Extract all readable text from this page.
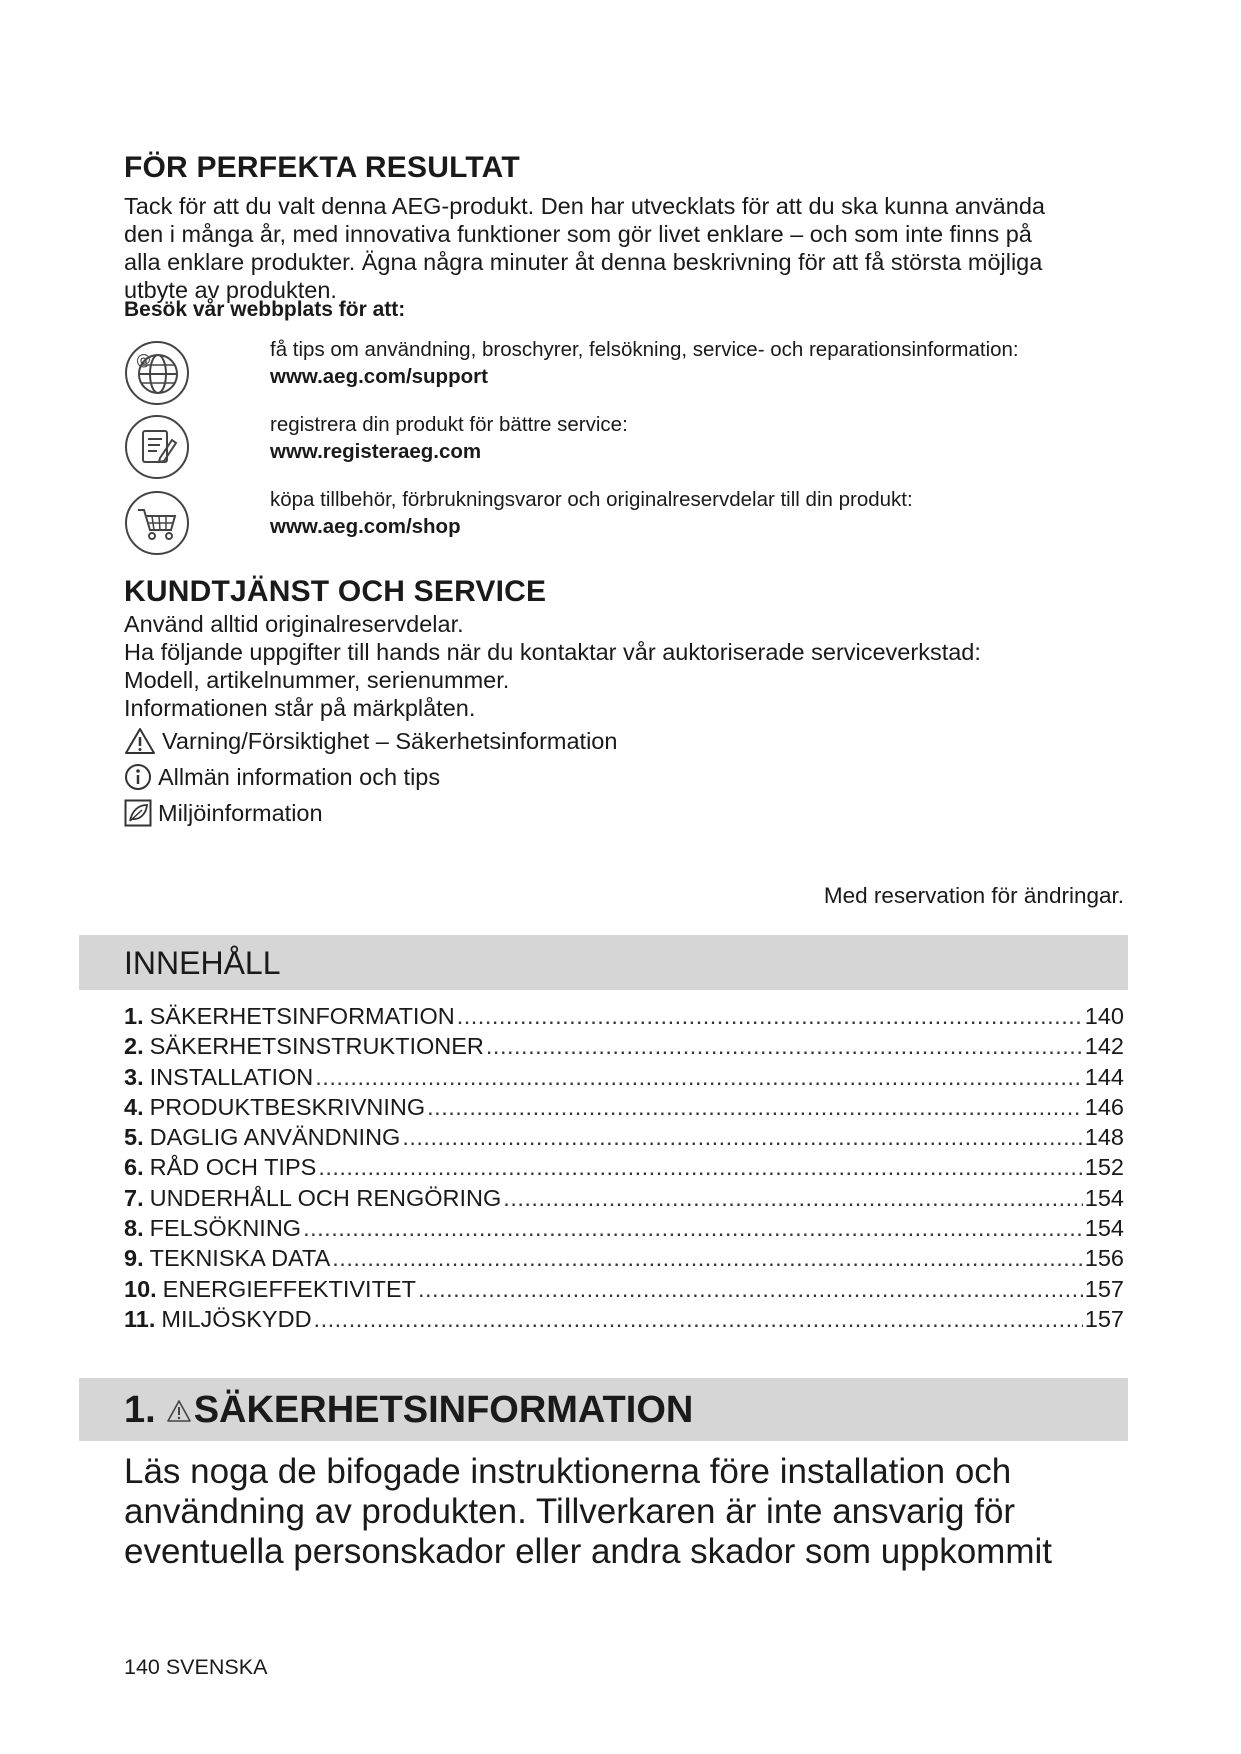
FÖR PERFEKTA RESULTAT
Tack för att du valt denna AEG-produkt. Den har utvecklats för att du ska kunna använda
den i många år, med innovativa funktioner som gör livet enklare – och som inte finns på
alla enklare produkter. Ägna några minuter åt denna beskrivning för att få största möjliga
utbyte av produkten.
Besök vår webbplats för att:
@	få tips om användning, broschyrer, felsökning, service- och reparationsinformation:
www.aeg.com/support
registrera din produkt för bättre service:
www.registeraeg.com
köpa tillbehör, förbrukningsvaror och originalreservdelar till din produkt:
www.aeg.com/shop
KUNDTJÄNST OCH SERVICE
Använd alltid originalreservdelar.
Ha följande uppgifter till hands när du kontaktar vår auktoriserade serviceverkstad:
Modell, artikelnummer, serienummer.
Informationen står på märkplåten.
Varning/Försiktighet – Säkerhetsinformation
Allmän information och tips
Miljöinformation
Med reservation för ändringar.
INNEHÅLL
1. SÄKERHETSINFORMATION .....	140
2. SÄKERHETSINSTRUKTIONER .....	142
3. INSTALLATION .....	144
4. PRODUKTBESKRIVNING .....	146
5. DAGLIG ANVÄNDNING .....	148
6. RÅD OCH TIPS .....	152
7. UNDERHÅLL OCH RENGÖRING .....	154
8. FELSÖKNING .....	154
9. TEKNISKA DATA .....	156
10. ENERGIEFFEKTIVITET .....	157
11. MILJÖSKYDD .....	157
1. SÄKERHETSINFORMATION
Läs noga de bifogade instruktionerna före installation och
användning av produkten. Tillverkaren är inte ansvarig för
eventuella personskador eller andra skador som uppkommit
140 SVENSKA
